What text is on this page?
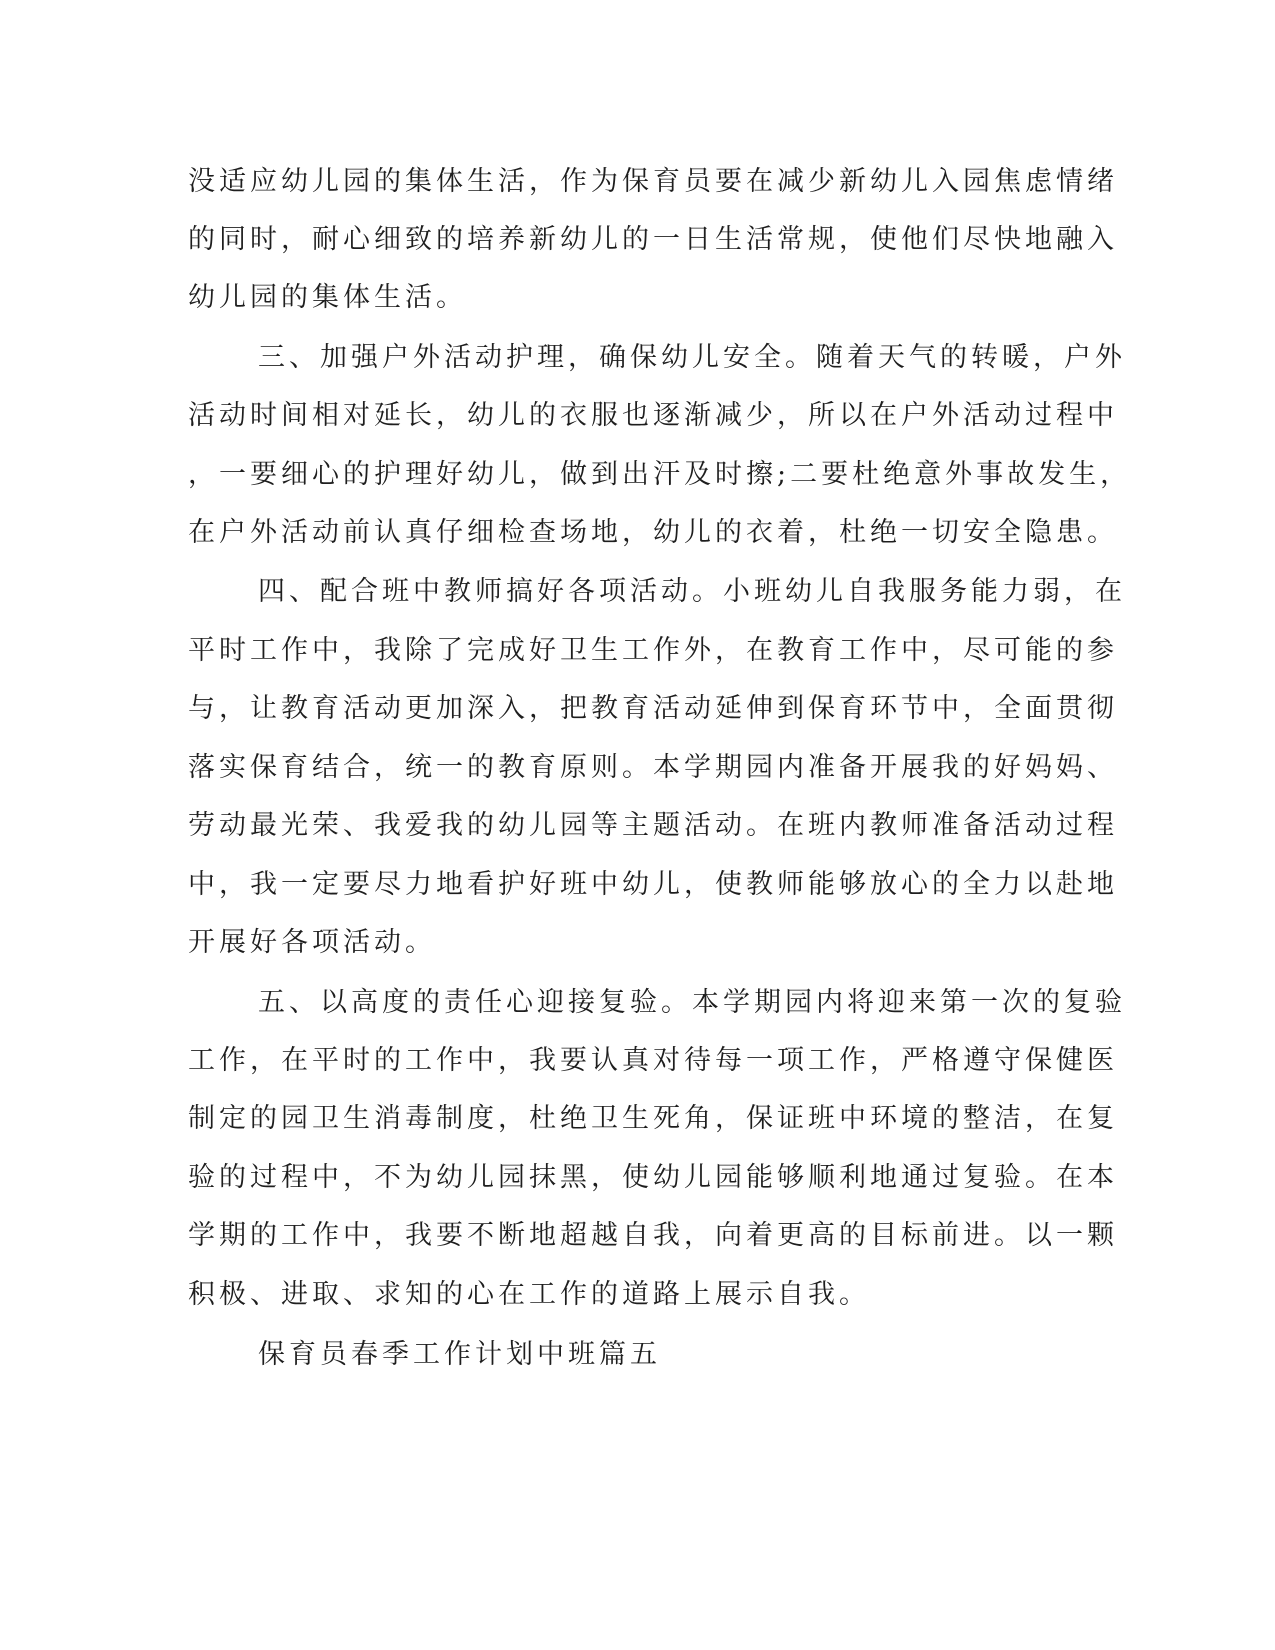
没适应幼儿园的集体生活，作为保育员要在减少新幼儿入园焦虑情绪

的同时，耐心细致的培养新幼儿的一日生活常规，使他们尽快地融入

幼儿园的集体生活。

三、加强户外活动护理，确保幼儿安全。随着天气的转暖，户外

活动时间相对延长，幼儿的衣服也逐渐减少，所以在户外活动过程中

，一要细心的护理好幼儿，做到出汗及时擦;二要杜绝意外事故发生，

在户外活动前认真仔细检查场地，幼儿的衣着，杜绝一切安全隐患。

四、配合班中教师搞好各项活动。小班幼儿自我服务能力弱，在

平时工作中，我除了完成好卫生工作外，在教育工作中，尽可能的参

与，让教育活动更加深入，把教育活动延伸到保育环节中，全面贯彻

落实保育结合，统一的教育原则。本学期园内准备开展我的好妈妈、

劳动最光荣、我爱我的幼儿园等主题活动。在班内教师准备活动过程

中，我一定要尽力地看护好班中幼儿，使教师能够放心的全力以赴地

开展好各项活动。

五、以高度的责任心迎接复验。本学期园内将迎来第一次的复验

工作，在平时的工作中，我要认真对待每一项工作，严格遵守保健医

制定的园卫生消毒制度，杜绝卫生死角，保证班中环境的整洁，在复

验的过程中，不为幼儿园抹黑，使幼儿园能够顺利地通过复验。在本

学期的工作中，我要不断地超越自我，向着更高的目标前进。以一颗

积极、进取、求知的心在工作的道路上展示自我。

保育员春季工作计划中班篇五
